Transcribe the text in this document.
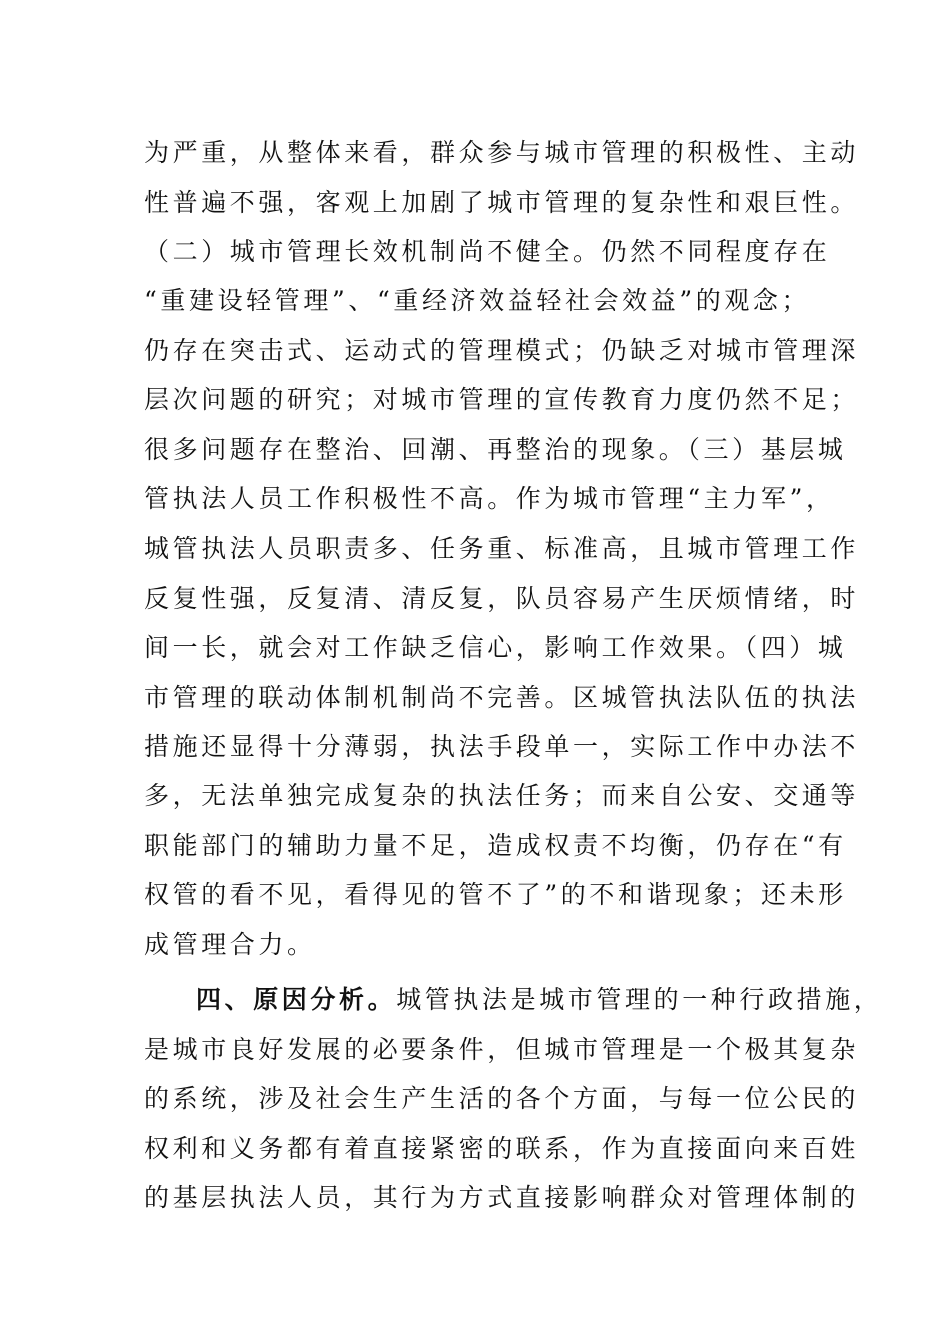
为严重，从整体来看，群众参与城市管理的积极性、主动
性普遍不强，客观上加剧了城市管理的复杂性和艰巨性。
（二）城市管理长效机制尚不健全。仍然不同程度存在
“重建设轻管理”、“重经济效益轻社会效益”的观念；
仍存在突击式、运动式的管理模式；仍缺乏对城市管理深
层次问题的研究；对城市管理的宣传教育力度仍然不足；
很多问题存在整治、回潮、再整治的现象。（三）基层城
管执法人员工作积极性不高。作为城市管理“主力军”，
城管执法人员职责多、任务重、标准高，且城市管理工作
反复性强，反复清、清反复，队员容易产生厌烦情绪，时
间一长，就会对工作缺乏信心，影响工作效果。（四）城
市管理的联动体制机制尚不完善。区城管执法队伍的执法
措施还显得十分薄弱，执法手段单一，实际工作中办法不
多，无法单独完成复杂的执法任务；而来自公安、交通等
职能部门的辅助力量不足，造成权责不均衡，仍存在“有
权管的看不见，看得见的管不了”的不和谐现象；还未形
成管理合力。
四、原因分析。城管执法是城市管理的一种行政措施，
是城市良好发展的必要条件，但城市管理是一个极其复杂
的系统，涉及社会生产生活的各个方面，与每一位公民的
权利和义务都有着直接紧密的联系，作为直接面向来百姓
的基层执法人员，其行为方式直接影响群众对管理体制的
